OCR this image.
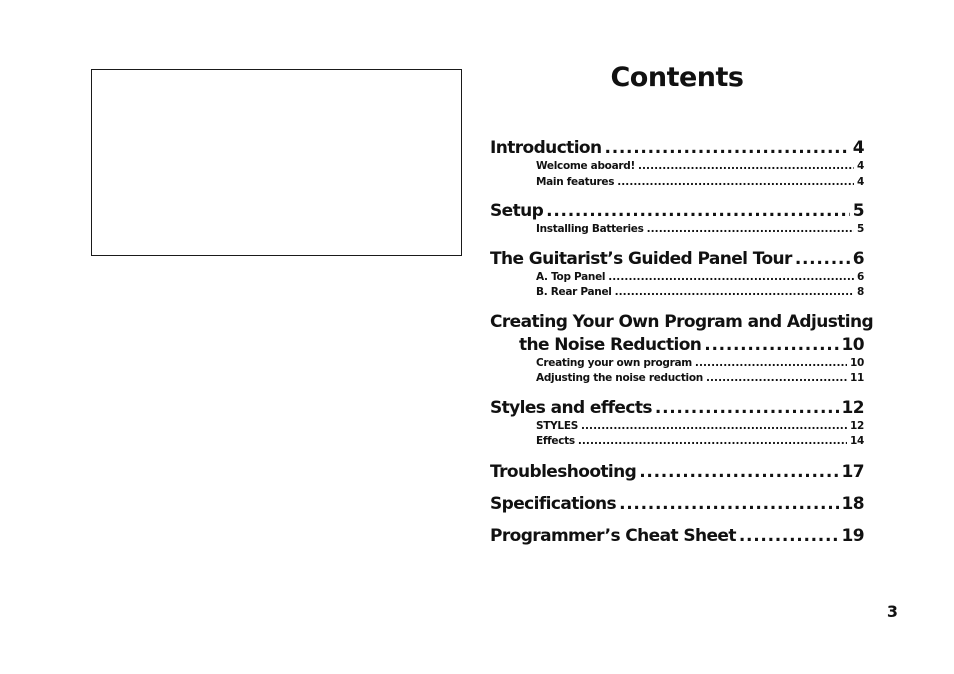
Contents
Introduction . . .	4
Welcome aboard! . . .	4
Main features . . .	4
Setup . . .	5
Installing Batteries . . .	5
The Guitarist’s Guided Panel Tour . . .	6
A. Top Panel . . .	6
B. Rear Panel . . .	8
Creating Your Own Program and Adjusting
the Noise Reduction . . .	10
Creating your own program . . .	10
Adjusting the noise reduction . . .	11
Styles and effects . . .	12
STYLES . . .	12
Effects . . .	14
Troubleshooting . . .	17
Specifications . . .	18
Programmer’s Cheat Sheet . . .	19
3
